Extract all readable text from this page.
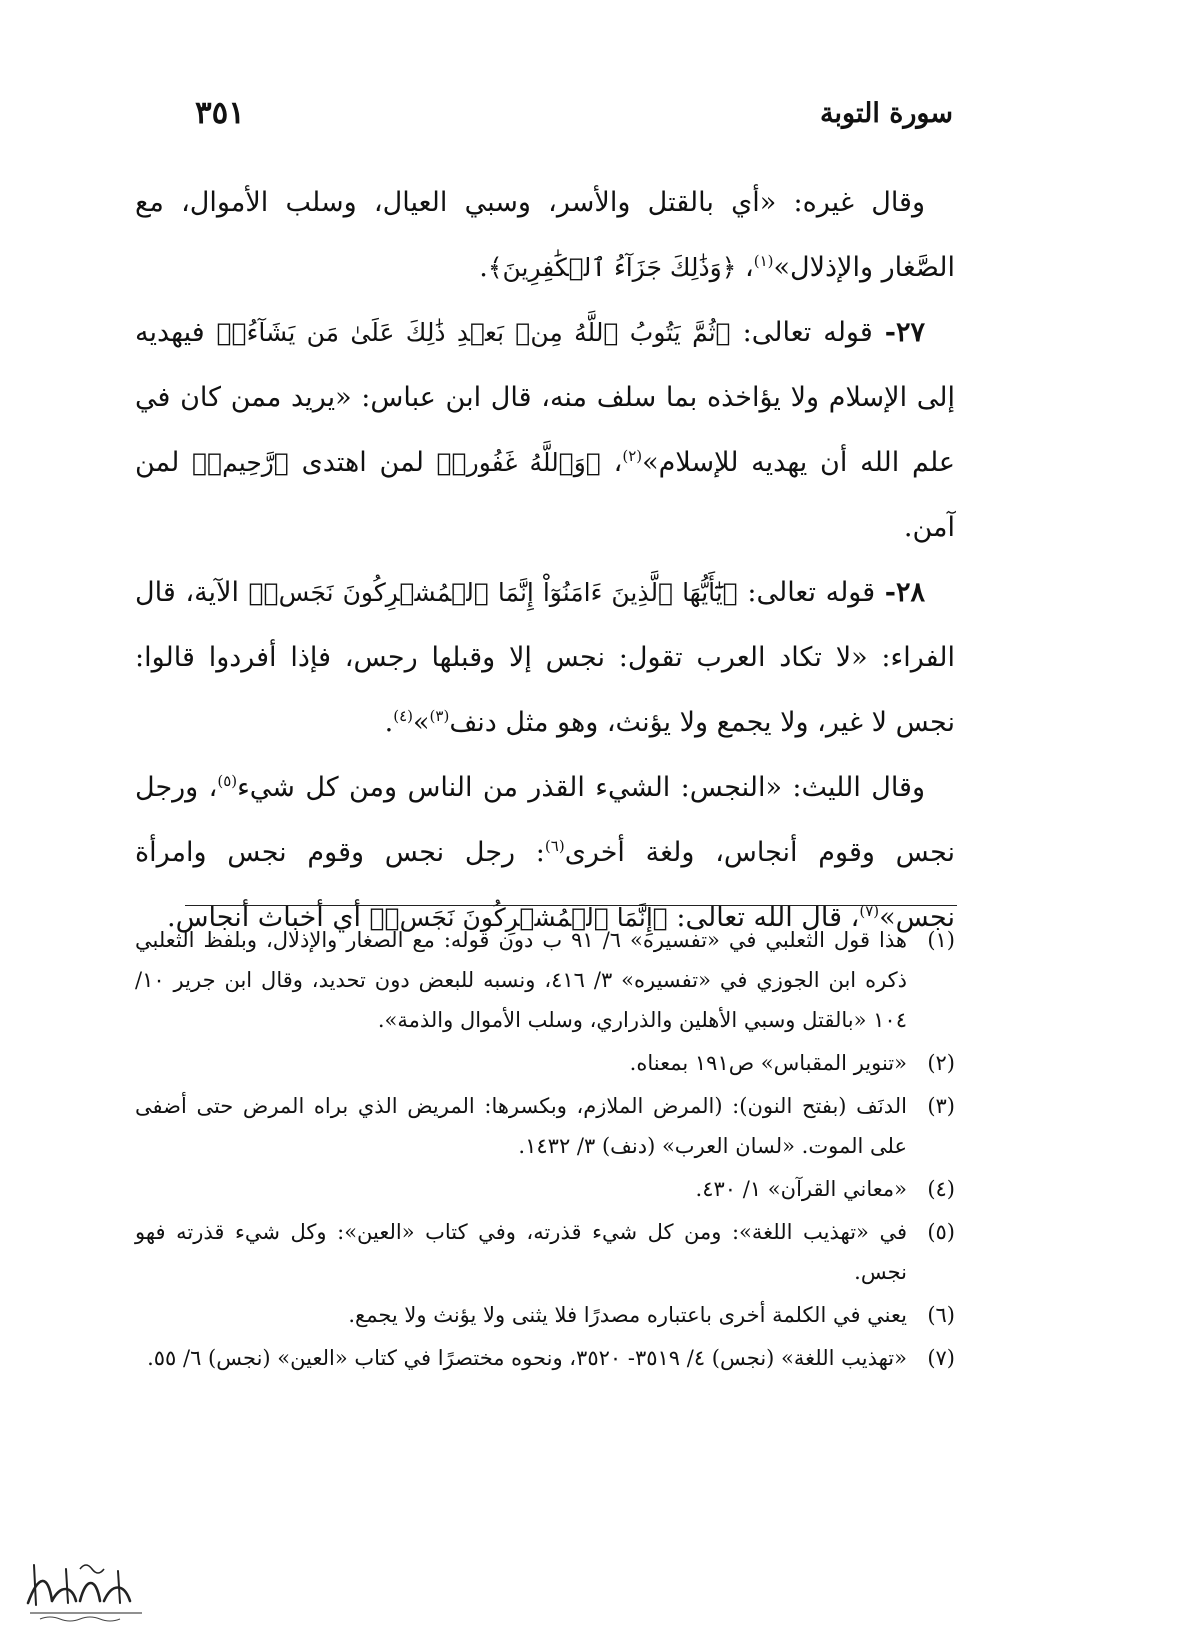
سورة التوبة
٣٥١

وقال غيره: «أي بالقتل والأسر، وسبي العيال، وسلب الأموال، مع الصَّغار والإذلال»$^{(١)}$، ﴿وَذَٰلِكَ جَزَآءُ ٱلۡكَٰفِرِينَ﴾.

٢٧- قوله تعالى: ﴿ثُمَّ يَتُوبُ ٱللَّهُ مِنۢ بَعۡدِ ذَٰلِكَ عَلَىٰ مَن يَشَآءُۗ﴾ فيهديه إلى الإسلام ولا يؤاخذه بما سلف منه، قال ابن عباس: «يريد ممن كان في علم الله أن يهديه للإسلام»$^{(٢)}$، ﴿وَٱللَّهُ غَفُورٞ﴾ لمن اهتدى ﴿رَّحِيمٞ﴾ لمن آمن.

٢٨- قوله تعالى: ﴿يَٰٓأَيُّهَا ٱلَّذِينَ ءَامَنُوٓاْ إِنَّمَا ٱلۡمُشۡرِكُونَ نَجَسٞ﴾ الآية، قال الفراء: «لا تكاد العرب تقول: نجس إلا وقبلها رجس، فإذا أفردوا قالوا: نجس لا غير، ولا يجمع ولا يؤنث، وهو مثل دنف$^{(٣)}$»$^{(٤)}$.

وقال الليث: «النجس: الشيء القذر من الناس ومن كل شيء$^{(٥)}$، ورجل نجس وقوم أنجاس، ولغة أخرى$^{(٦)}$: رجل نجس وقوم نجس وامرأة نجس»$^{(٧)}$، قال الله تعالى: ﴿إِنَّمَا ٱلۡمُشۡرِكُونَ نَجَسٞ﴾ أي أخباث أنجاس.

(١)
هذا قول الثعلبي في «تفسيره» ٦/ ٩١ ب دون قوله: مع الصغار والإذلال، وبلفظ الثعلبي ذكره ابن الجوزي في «تفسيره» ٣/ ٤١٦، ونسبه للبعض دون تحديد، وقال ابن جرير ١٠/ ١٠٤ «بالقتل وسبي الأهلين والذراري، وسلب الأموال والذمة».
(٢)
«تنوير المقباس» ص١٩١ بمعناه.
(٣)
الدنَف (بفتح النون): (المرض الملازم، وبكسرها: المريض الذي براه المرض حتى أضفى على الموت. «لسان العرب» (دنف) ٣/ ١٤٣٢.
(٤)
«معاني القرآن» ١/ ٤٣٠.
(٥)
في «تهذيب اللغة»: ومن كل شيء قذرته، وفي كتاب «العين»: وكل شيء قذرته فهو نجس.
(٦)
يعني في الكلمة أخرى باعتباره مصدرًا فلا يثنى ولا يؤنث ولا يجمع.
(٧)
«تهذيب اللغة» (نجس) ٤/ ٣٥١٩- ٣٥٢٠، ونحوه مختصرًا في كتاب «العين» (نجس) ٦/ ٥٥.
